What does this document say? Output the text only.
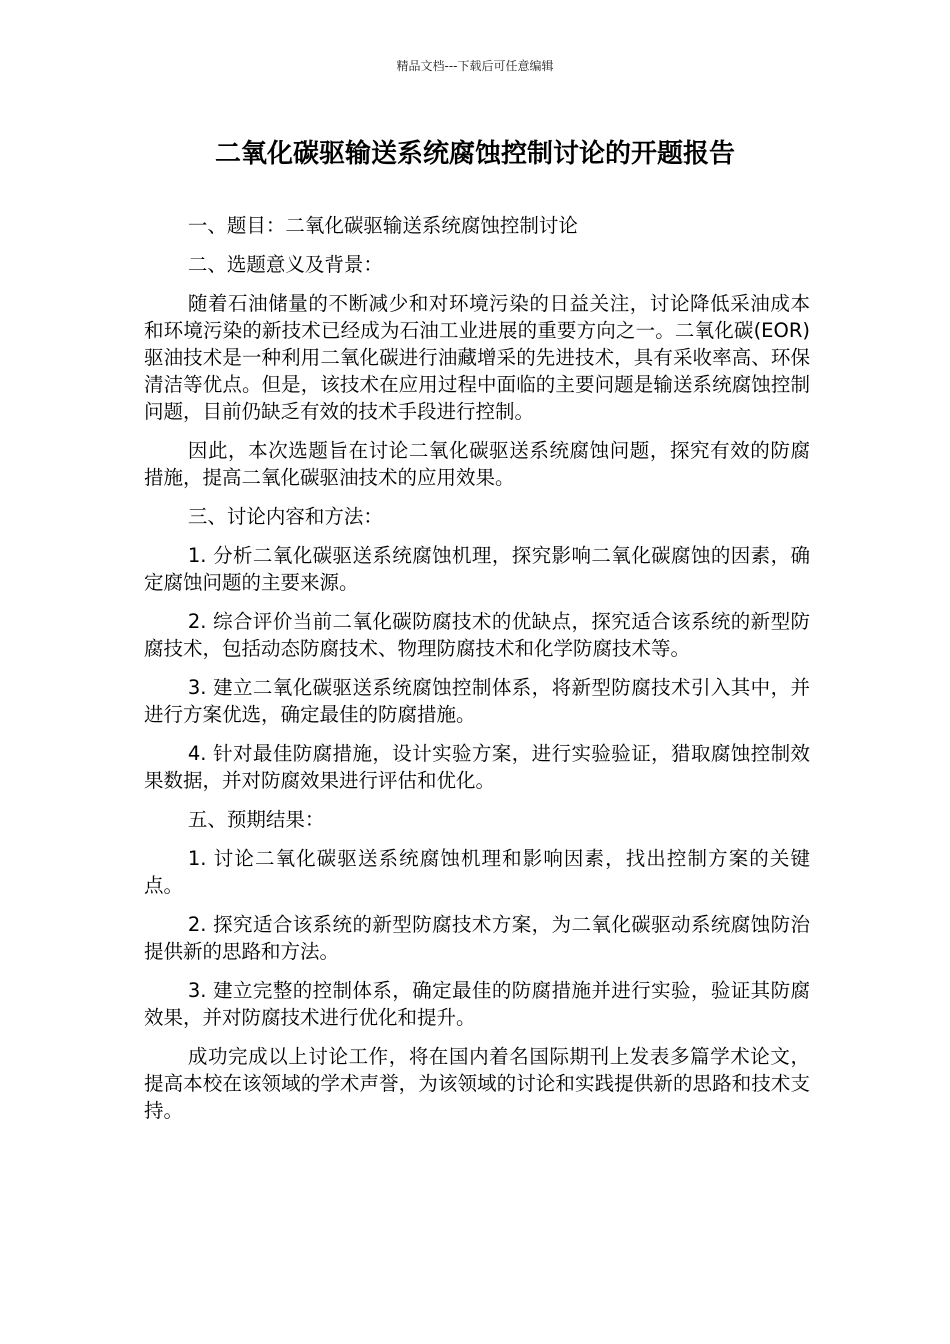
精品文档---下载后可任意编辑
二氧化碳驱输送系统腐蚀控制讨论的开题报告

一、题目：二氧化碳驱输送系统腐蚀控制讨论

二、选题意义及背景：

随着石油储量的不断减少和对环境污染的日益关注，讨论降低采油成本和环境污染的新技术已经成为石油工业进展的重要方向之一。二氧化碳(EOR)驱油技术是一种利用二氧化碳进行油藏增采的先进技术，具有采收率高、环保清洁等优点。但是，该技术在应用过程中面临的主要问题是输送系统腐蚀控制问题，目前仍缺乏有效的技术手段进行控制。

因此，本次选题旨在讨论二氧化碳驱送系统腐蚀问题，探究有效的防腐措施，提高二氧化碳驱油技术的应用效果。

三、讨论内容和方法：

1. 分析二氧化碳驱送系统腐蚀机理，探究影响二氧化碳腐蚀的因素，确定腐蚀问题的主要来源。

2. 综合评价当前二氧化碳防腐技术的优缺点，探究适合该系统的新型防腐技术，包括动态防腐技术、物理防腐技术和化学防腐技术等。

3. 建立二氧化碳驱送系统腐蚀控制体系，将新型防腐技术引入其中，并进行方案优选，确定最佳的防腐措施。

4. 针对最佳防腐措施，设计实验方案，进行实验验证，猎取腐蚀控制效果数据，并对防腐效果进行评估和优化。

五、预期结果：

1. 讨论二氧化碳驱送系统腐蚀机理和影响因素，找出控制方案的关键点。

2. 探究适合该系统的新型防腐技术方案，为二氧化碳驱动系统腐蚀防治提供新的思路和方法。

3. 建立完整的控制体系，确定最佳的防腐措施并进行实验，验证其防腐效果，并对防腐技术进行优化和提升。

成功完成以上讨论工作，将在国内着名国际期刊上发表多篇学术论文，提高本校在该领域的学术声誉，为该领域的讨论和实践提供新的思路和技术支持。
